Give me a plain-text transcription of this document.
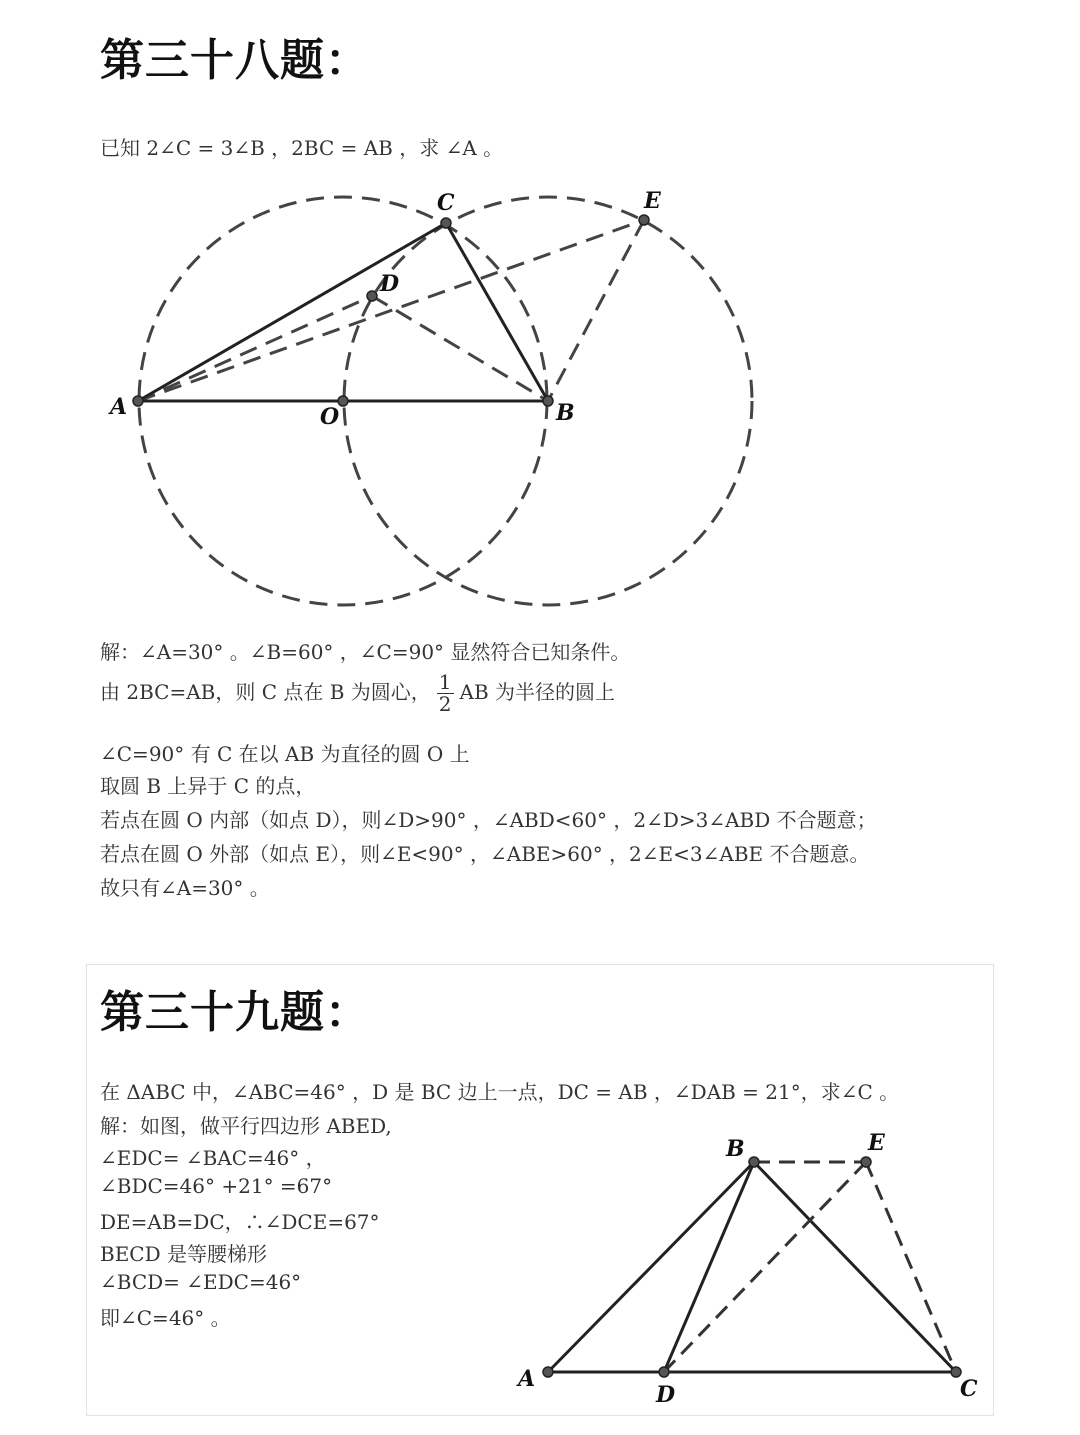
第三十八题：

已知 2∠C = 3∠B ，2BC = AB ，求 ∠A 。

A	O	B
C
D
E

解：∠A=30° 。∠B=60° ，∠C=90° 显然符合已知条件。

由 2BC=AB，则 C 点在 B 为圆心， $\frac{1}{2}$ AB 为半径的圆上

∠C=90° 有 C 在以 AB 为直径的圆 O 上

取圆 B 上异于 C 的点，

若点在圆 O 内部（如点 D），则∠D>90° ，∠ABD<60° ，2∠D>3∠ABD 不合题意；

若点在圆 O 外部（如点 E），则∠E<90° ，∠ABE>60° ，2∠E<3∠ABE 不合题意。

故只有∠A=30° 。

第三十九题：

在 ΔABC 中，∠ABC=46° ，D 是 BC 边上一点，DC = AB ，∠DAB = 21°，求∠C 。

解：如图，做平行四边形 ABED,

∠EDC= ∠BAC=46° ，

∠BDC=46° +21° =67°

DE=AB=DC，∴∠DCE=67°

BECD 是等腰梯形

∠BCD= ∠EDC=46°

即∠C=46° 。

A
B
C
D
E
